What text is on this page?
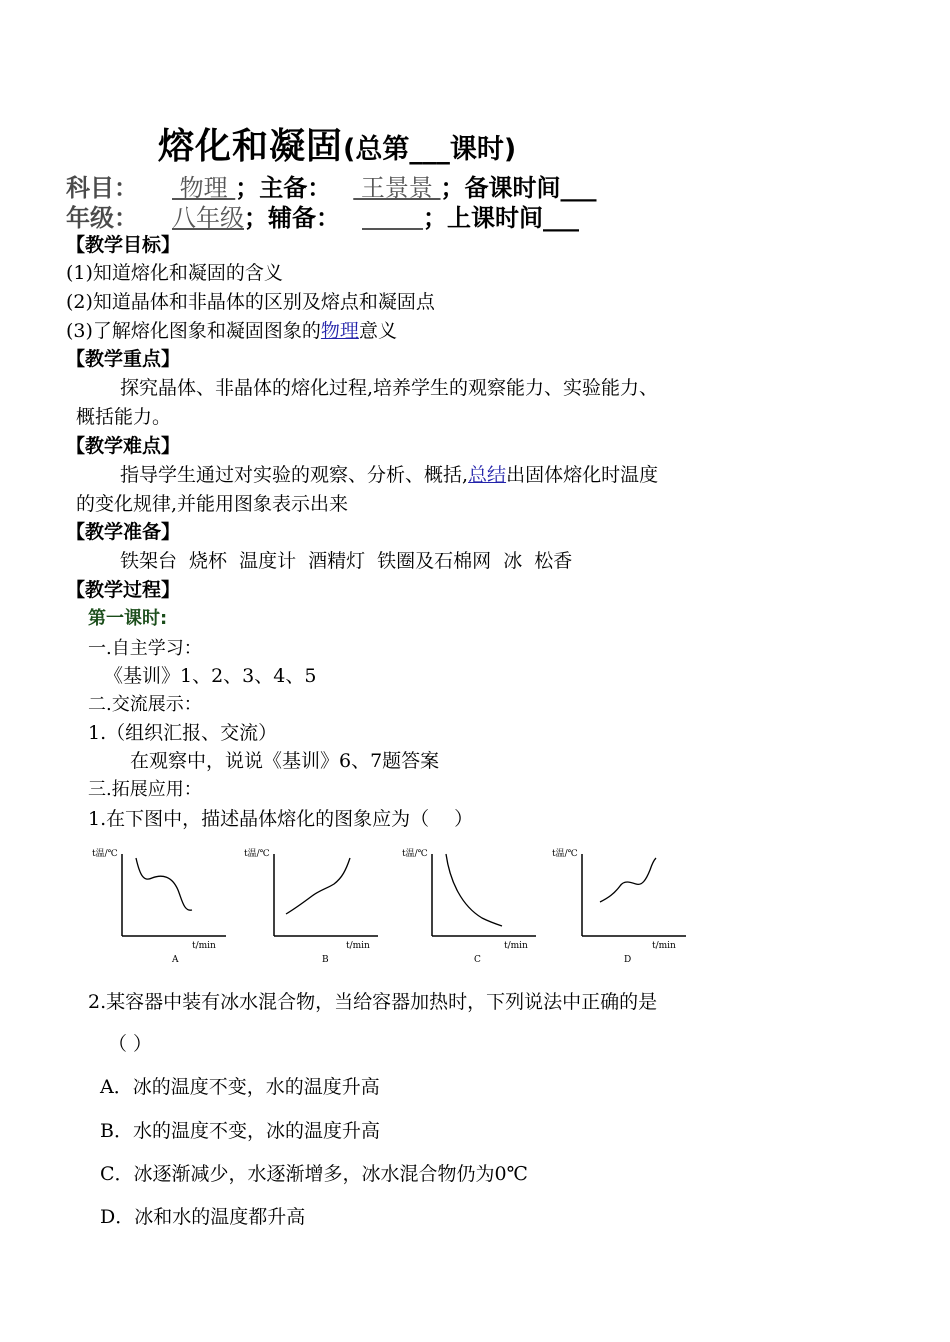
熔化和凝固(总第___课时)
科目： 物理 ；主备： 王景景 ；备课时间___
年级： 八年级；辅备：	；上课时间___
【教学目标】
(1)知道熔化和凝固的含义
(2)知道晶体和非晶体的区别及熔点和凝固点
(3)了解熔化图象和凝固图象的物理意义
【教学重点】
探究晶体、非晶体的熔化过程,培养学生的观察能力、实验能力、
概括能力。
【教学难点】
指导学生通过对实验的观察、分析、概括,总结出固体熔化时温度
的变化规律,并能用图象表示出来
【教学准备】
铁架台 烧杯 温度计 酒精灯 铁圈及石棉网 冰 松香
【教学过程】
第一课时:
一.自主学习：
《基训》1、2、3、4、5
二.交流展示：
1.（组织汇报、交流）
在观察中，说说《基训》6、7题答案
三.拓展应用：
1.在下图中，描述晶体熔化的图象应为（　 ）
t温/℃
t/min
A
t温/℃
t/min
B
t温/℃
t/min
C
t温/℃
t/min
D
2.某容器中装有冰水混合物，当给容器加热时，下列说法中正确的是
（ ）
A．冰的温度不变，水的温度升高
B．水的温度不变，冰的温度升高
C．冰逐渐减少，水逐渐增多，冰水混合物仍为0℃
D．冰和水的温度都升高
